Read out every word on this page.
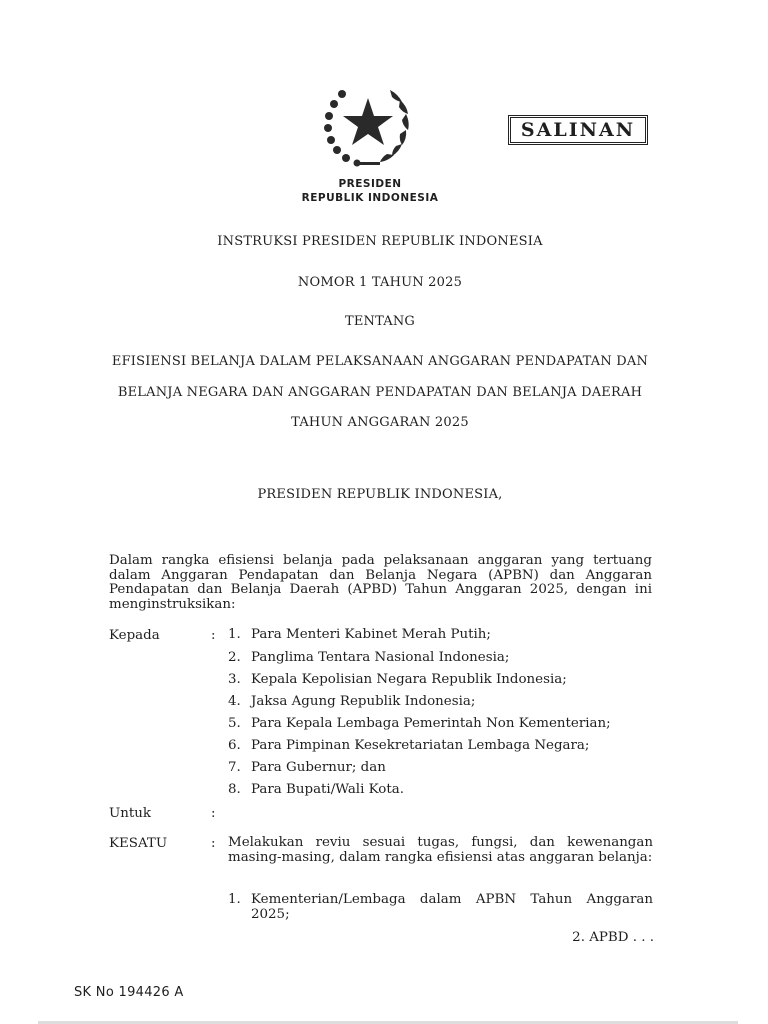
SALINAN
PRESIDEN
REPUBLIK INDONESIA
INSTRUKSI PRESIDEN REPUBLIK INDONESIA
NOMOR 1 TAHUN 2025
TENTANG
EFISIENSI BELANJA DALAM PELAKSANAAN ANGGARAN PENDAPATAN DAN
BELANJA NEGARA DAN ANGGARAN PENDAPATAN DAN BELANJA DAERAH
TAHUN ANGGARAN 2025
PRESIDEN REPUBLIK INDONESIA,
Dalam rangka efisiensi belanja pada pelaksanaan anggaran yang tertuang dalam Anggaran Pendapatan dan Belanja Negara (APBN) dan Anggaran Pendapatan dan Belanja Daerah (APBD) Tahun Anggaran 2025, dengan ini menginstruksikan:
Kepada	: 1. Para Menteri Kabinet Merah Putih;
2. Panglima Tentara Nasional Indonesia;
3. Kepala Kepolisian Negara Republik Indonesia;
4. Jaksa Agung Republik Indonesia;
5. Para Kepala Lembaga Pemerintah Non Kementerian;
6. Para Pimpinan Kesekretariatan Lembaga Negara;
7. Para Gubernur; dan
8. Para Bupati/Wali Kota.
Untuk	:
KESATU	: Melakukan reviu sesuai tugas, fungsi, dan kewenangan masing-masing, dalam rangka efisiensi atas anggaran belanja:
1. Kementerian/Lembaga dalam APBN Tahun Anggaran 2025;
2. APBD . . .
SK No 194426 A
